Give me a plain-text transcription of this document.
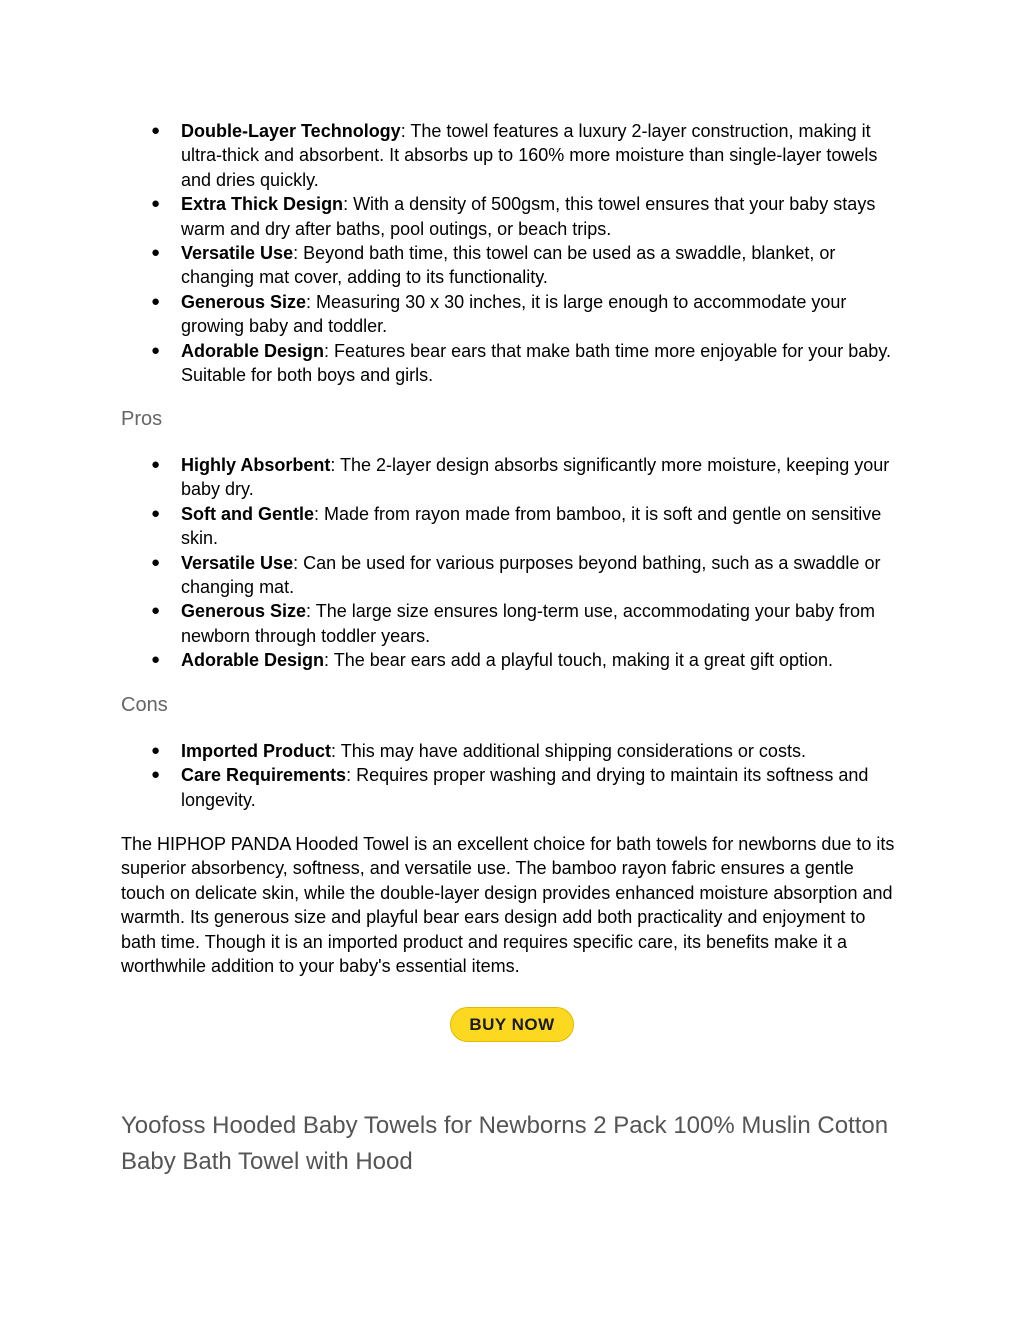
● Double-Layer Technology: The towel features a luxury 2-layer construction, making it ultra-thick and absorbent. It absorbs up to 160% more moisture than single-layer towels and dries quickly.
● Extra Thick Design: With a density of 500gsm, this towel ensures that your baby stays warm and dry after baths, pool outings, or beach trips.
● Versatile Use: Beyond bath time, this towel can be used as a swaddle, blanket, or changing mat cover, adding to its functionality.
● Generous Size: Measuring 30 x 30 inches, it is large enough to accommodate your growing baby and toddler.
● Adorable Design: Features bear ears that make bath time more enjoyable for your baby. Suitable for both boys and girls.
Pros
● Highly Absorbent: The 2-layer design absorbs significantly more moisture, keeping your baby dry.
● Soft and Gentle: Made from rayon made from bamboo, it is soft and gentle on sensitive skin.
● Versatile Use: Can be used for various purposes beyond bathing, such as a swaddle or changing mat.
● Generous Size: The large size ensures long-term use, accommodating your baby from newborn through toddler years.
● Adorable Design: The bear ears add a playful touch, making it a great gift option.
Cons
● Imported Product: This may have additional shipping considerations or costs.
● Care Requirements: Requires proper washing and drying to maintain its softness and longevity.

The HIPHOP PANDA Hooded Towel is an excellent choice for bath towels for newborns due to its superior absorbency, softness, and versatile use. The bamboo rayon fabric ensures a gentle touch on delicate skin, while the double-layer design provides enhanced moisture absorption and warmth. Its generous size and playful bear ears design add both practicality and enjoyment to bath time. Though it is an imported product and requires specific care, its benefits make it a worthwhile addition to your baby's essential items.

BUY NOW
Yoofoss Hooded Baby Towels for Newborns 2 Pack 100% Muslin Cotton Baby Bath Towel with Hood
